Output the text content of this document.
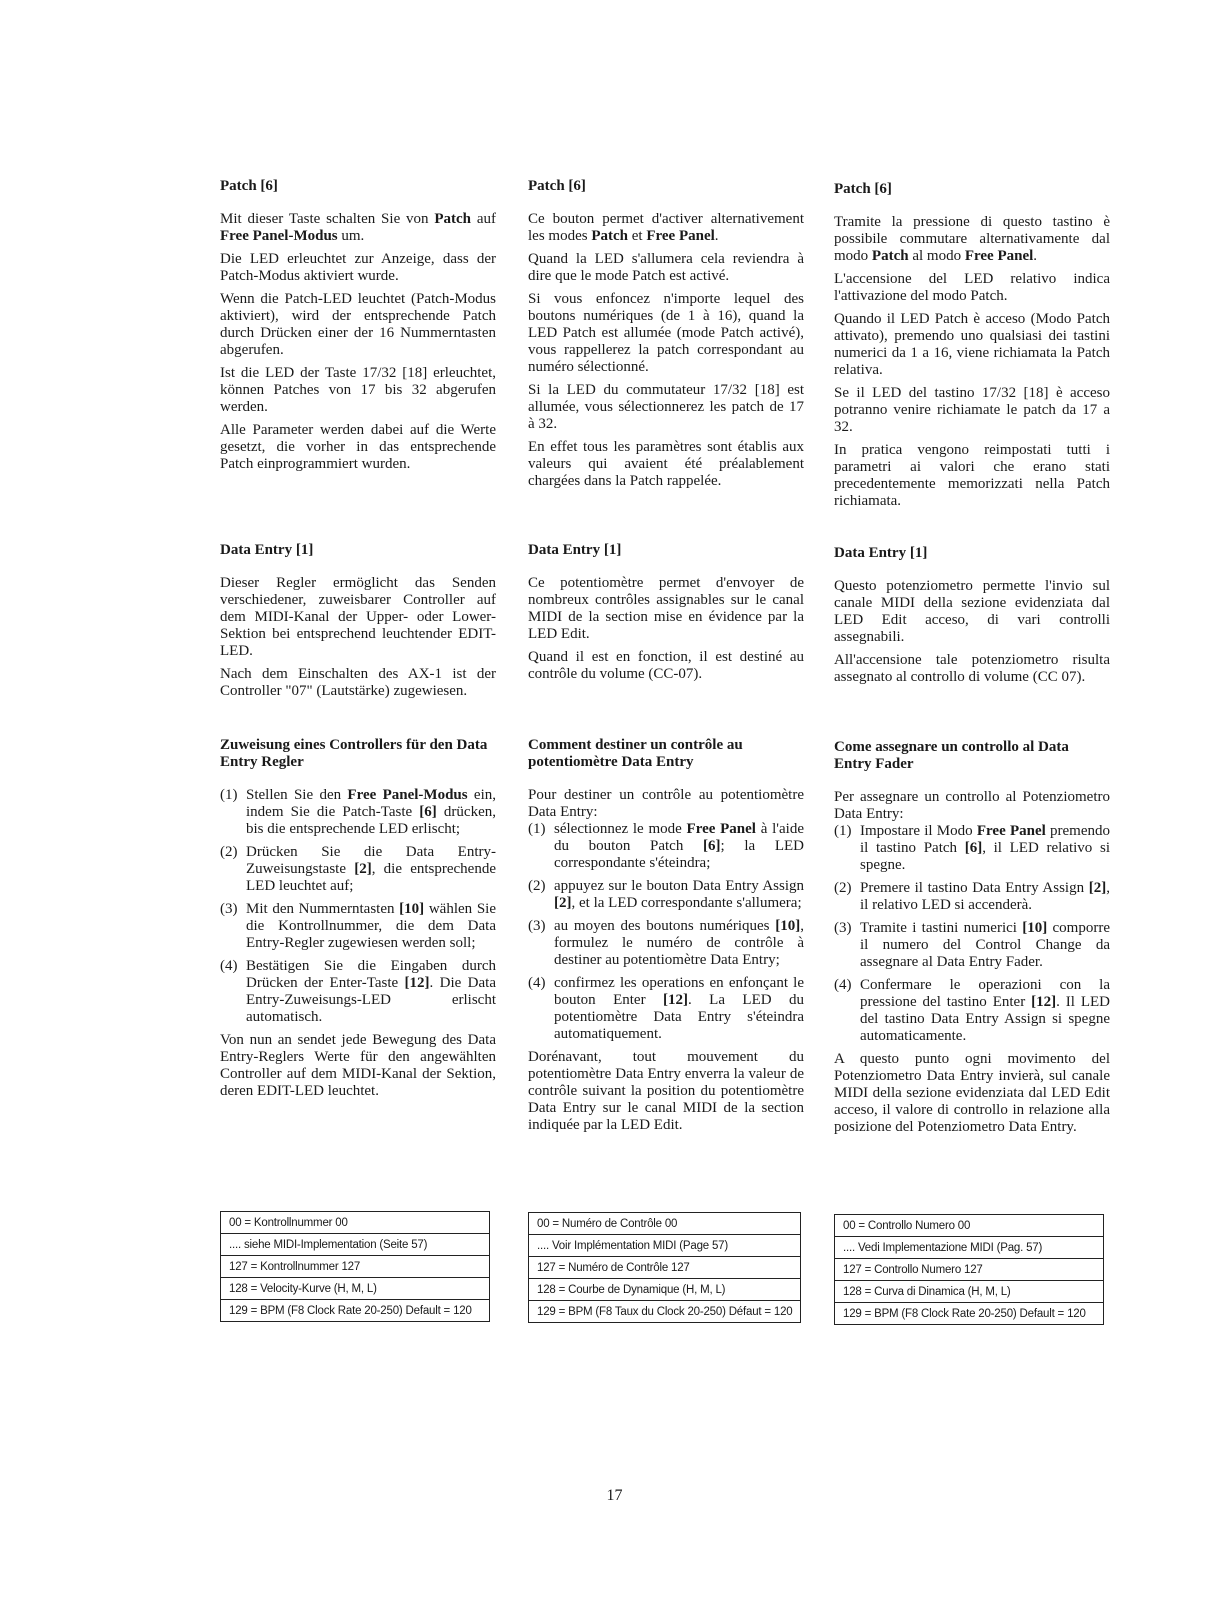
Patch [6]

Mit dieser Taste schalten Sie von Patch auf Free Panel-Modus um.

Die LED erleuchtet zur Anzeige, dass der Patch-Modus aktiviert wurde.

Wenn die Patch-LED leuchtet (Patch-Modus aktiviert), wird der entsprechende Patch durch Drücken einer der 16 Nummerntasten abgerufen.

Ist die LED der Taste 17/32 [18] erleuchtet, können Patches von 17 bis 32 abgerufen werden.

Alle Parameter werden dabei auf die Werte gesetzt, die vorher in das entsprechende Patch einprogrammiert wurden.

Data Entry [1]

Dieser Regler ermöglicht das Senden verschiedener, zuweisbarer Controller auf dem MIDI-Kanal der Upper- oder Lower-Sektion bei entsprechend leuchtender EDIT-LED.

Nach dem Einschalten des AX-1 ist der Controller "07" (Lautstärke) zugewiesen.

Zuweisung eines Controllers für den Data Entry Regler
(1) Stellen Sie den Free Panel-Modus ein, indem Sie die Patch-Taste [6] drücken, bis die entsprechende LED erlischt;
(2) Drücken Sie die Data Entry-Zuweisungstaste [2], die entsprechende LED leuchtet auf;
(3) Mit den Nummerntasten [10] wählen Sie die Kontrollnummer, die dem Data Entry-Regler zugewiesen werden soll;
(4) Bestätigen Sie die Eingaben durch Drücken der Enter-Taste [12]. Die Data Entry-Zuweisungs-LED erlischt automatisch.

Von nun an sendet jede Bewegung des Data Entry-Reglers Werte für den angewählten Controller auf dem MIDI-Kanal der Sektion, deren EDIT-LED leuchtet.

00 = Kontrollnummer 00
.... siehe MIDI-Implementation (Seite 57)
127 = Kontrollnummer 127
128 = Velocity-Kurve (H, M, L)
129 = BPM (F8 Clock Rate 20-250) Default = 120
Patch [6]

Ce bouton permet d'activer alternativement les modes Patch et Free Panel.

Quand la LED s'allumera cela reviendra à dire que le mode Patch est activé.

Si vous enfoncez n'importe lequel des boutons numériques (de 1 à 16), quand la LED Patch est allumée (mode Patch activé), vous rappellerez la patch correspondant au numéro sélectionné.

Si la LED du commutateur 17/32 [18] est allumée, vous sélectionnerez les patch de 17 à 32.

En effet tous les paramètres sont établis aux valeurs qui avaient été préalablement chargées dans la Patch rappelée.

Data Entry [1]

Ce potentiomètre permet d'envoyer de nombreux contrôles assignables sur le canal MIDI de la section mise en évidence par la LED Edit.

Quand il est en fonction, il est destiné au contrôle du volume (CC-07).

Comment destiner un contrôle au potentiomètre Data Entry

Pour destiner un contrôle au potentiomètre Data Entry:

(1) sélectionnez le mode Free Panel à l'aide du bouton Patch [6]; la LED correspondante s'éteindra;
(2) appuyez sur le bouton Data Entry Assign [2], et la LED correspondante s'allumera;
(3) au moyen des boutons numériques [10], formulez le numéro de contrôle à destiner au potentiomètre Data Entry;
(4) confirmez les operations en enfonçant le bouton Enter [12]. La LED du potentiomètre Data Entry s'éteindra automatiquement.

Dorénavant, tout mouvement du potentiomètre Data Entry enverra la valeur de contrôle suivant la position du potentiomètre Data Entry sur le canal MIDI de la section indiquée par la LED Edit.

00 = Numéro de Contrôle 00
.... Voir Implémentation MIDI (Page 57)
127 = Numéro de Contrôle 127
128 = Courbe de Dynamique (H, M, L)
129 = BPM (F8 Taux du Clock 20-250) Défaut = 120
Patch [6]

Tramite la pressione di questo tastino è possibile commutare alternativamente dal modo Patch al modo Free Panel.

L'accensione del LED relativo indica l'attivazione del modo Patch.

Quando il LED Patch è acceso (Modo Patch attivato), premendo uno qualsiasi dei tastini numerici da 1 a 16, viene richiamata la Patch relativa.

Se il LED del tastino 17/32 [18] è acceso potranno venire richiamate le patch da 17 a 32.

In pratica vengono reimpostati tutti i parametri ai valori che erano stati precedentemente memorizzati nella Patch richiamata.

Data Entry [1]

Questo potenziometro permette l'invio sul canale MIDI della sezione evidenziata dal LED Edit acceso, di vari controlli assegnabili.

All'accensione tale potenziometro risulta assegnato al controllo di volume (CC 07).

Come assegnare un controllo al Data Entry Fader

Per assegnare un controllo al Potenziometro Data Entry:

(1) Impostare il Modo Free Panel premendo il tastino Patch [6], il LED relativo si spegne.
(2) Premere il tastino Data Entry Assign [2], il relativo LED si accenderà.
(3) Tramite i tastini numerici [10] comporre il numero del Control Change da assegnare al Data Entry Fader.
(4) Confermare le operazioni con la pressione del tastino Enter [12]. Il LED del tastino Data Entry Assign si spegne automaticamente.

A questo punto ogni movimento del Potenziometro Data Entry invierà, sul canale MIDI della sezione evidenziata dal LED Edit acceso, il valore di controllo in relazione alla posizione del Potenziometro Data Entry.

00 = Controllo Numero 00
.... Vedi Implementazione MIDI (Pag. 57)
127 = Controllo Numero 127
128 = Curva di Dinamica (H, M, L)
129 = BPM (F8 Clock Rate 20-250) Default = 120
17
